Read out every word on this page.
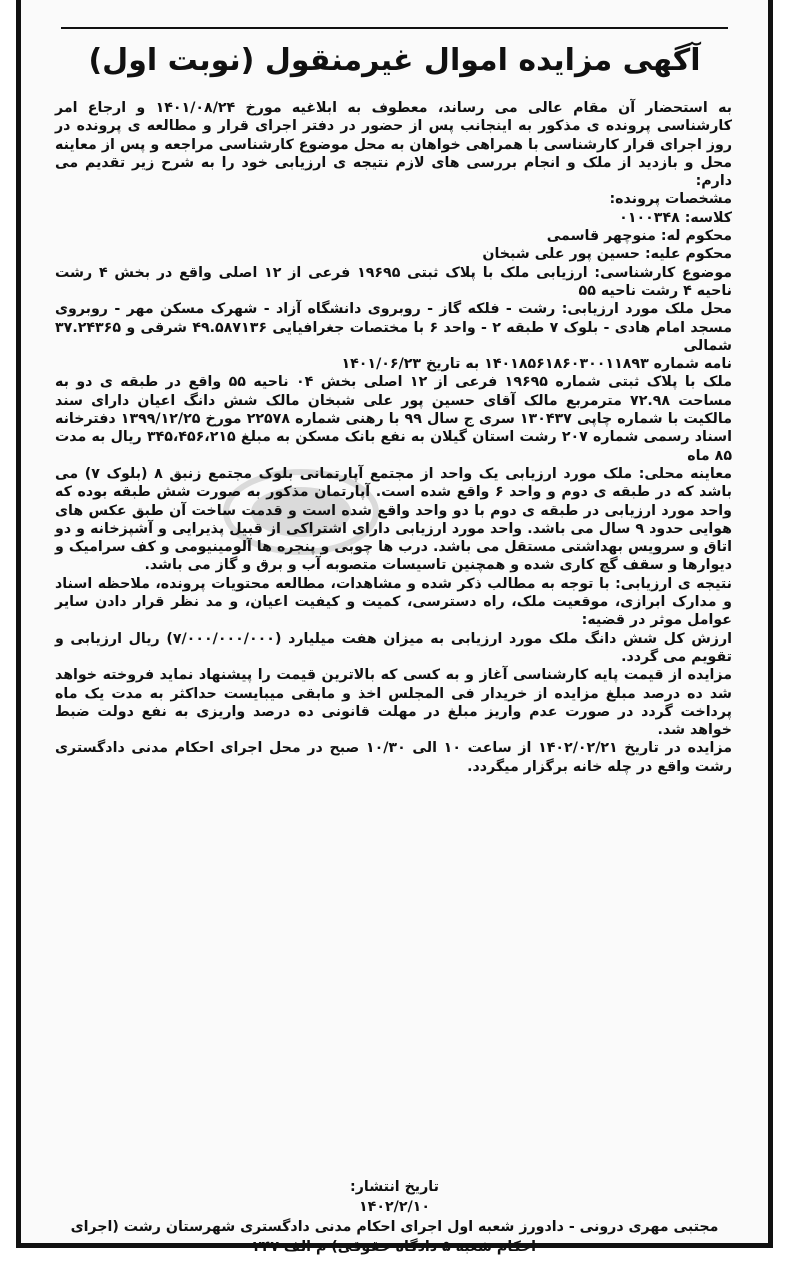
آگهی مزایده اموال غیرمنقول (نوبت اول)

به استحضار آن مقام عالی می رساند، معطوف به ابلاغیه مورخ ۱۴۰۱/۰۸/۲۴ و ارجاع امر کارشناسی پرونده ی مذکور به اینجانب پس از حضور در دفتر اجرای قرار و مطالعه ی پرونده در روز اجرای قرار کارشناسی با همراهی خواهان به محل موضوع کارشناسی مراجعه و پس از معاینه محل و بازدید از ملک و انجام بررسی های لازم نتیجه ی ارزیابی خود را به شرح زیر تقدیم می دارم:

مشخصات پرونده:

کلاسه: ۰۱۰۰۳۴۸

محکوم له: منوچهر قاسمی

محکوم علیه: حسین پور علی شبخان

موضوع کارشناسی: ارزیابی ملک با پلاک ثبتی ۱۹۶۹۵ فرعی از ۱۲ اصلی واقع در بخش ۴ رشت ناحیه ۴ رشت ناحیه ۵۵

محل ملک مورد ارزیابی: رشت - فلکه گاز - روبروی دانشگاه آزاد - شهرک مسکن مهر - روبروی مسجد امام هادی - بلوک ۷ طبقه ۲ - واحد ۶ با مختصات جغرافیایی ۴۹.۵۸۷۱۳۶ شرقی و ۳۷.۲۴۳۶۵ شمالی

نامه شماره ۱۴۰۱۸۵۶۱۸۶۰۳۰۰۱۱۸۹۳ به تاریخ ۱۴۰۱/۰۶/۲۳

ملک با پلاک ثبتی شماره ۱۹۶۹۵ فرعی از ۱۲ اصلی بخش ۰۴ ناحیه ۵۵ واقع در طبقه ی دو به مساحت ۷۲.۹۸ مترمربع مالک آقای حسین پور علی شبخان مالک شش دانگ اعیان دارای سند مالکیت با شماره چاپی ۱۳۰۴۳۷ سری ج سال ۹۹ با رهنی شماره ۲۲۵۷۸ مورخ ۱۳۹۹/۱۲/۲۵ دفترخانه اسناد رسمی شماره ۲۰۷ رشت استان گیلان به نفع بانک مسکن به مبلغ ۳۴۵،۴۵۶،۲۱۵ ریال به مدت ۸۵ ماه

معاینه محلی: ملک مورد ارزیابی یک واحد از مجتمع آپارتمانی بلوک مجتمع زنبق ۸ (بلوک ۷) می باشد که در طبقه ی دوم و واحد ۶ واقع شده است. آپارتمان مذکور به صورت شش طبقه بوده که واحد مورد ارزیابی در طبقه ی دوم با دو واحد واقع شده است و قدمت ساخت آن طبق عکس های هوایی حدود ۹ سال می باشد. واحد مورد ارزیابی دارای اشتراکی از قبیل پذیرایی و آشپزخانه و دو اتاق و سرویس بهداشتی مستقل می باشد. درب ها چوبی و پنجره ها آلومینیومی و کف سرامیک و دیوارها و سقف گچ کاری شده و همچنین تاسیسات متصوبه آب و برق و گاز می باشد.

نتیجه ی ارزیابی: با توجه به مطالب ذکر شده و مشاهدات، مطالعه محتویات پرونده، ملاحظه اسناد و مدارک ابرازی، موقعیت ملک، راه دسترسی، کمیت و کیفیت اعیان، و مد نظر قرار دادن سایر عوامل موثر در قضیه:

ارزش کل شش دانگ ملک مورد ارزیابی به میزان هفت میلیارد (۷/۰۰۰/۰۰۰/۰۰۰) ریال ارزیابی و تقویم می گردد.

مزایده از قیمت پایه کارشناسی آغاز و به کسی که بالاترین قیمت را پیشنهاد نماید فروخته خواهد شد ده درصد مبلغ مزایده از خریدار فی المجلس اخذ و مابقی میبایست حداکثر به مدت یک ماه پرداخت گردد در صورت عدم واریز مبلغ در مهلت قانونی ده درصد واریزی به نفع دولت ضبط خواهد شد.

مزایده در تاریخ ۱۴۰۲/۰۲/۲۱ از ساعت ۱۰ الی ۱۰/۳۰ صبح در محل اجرای احکام مدنی دادگستری رشت واقع در چله خانه برگزار میگردد.

تاریخ انتشار:

۱۴۰۲/۲/۱۰

مجتبی مهری درونی - دادورز شعبه اول اجرای احکام مدنی دادگستری شهرستان رشت (اجرای احکام شعبه ۵ دادگاه حقوقی) م الف ۲۴۷
